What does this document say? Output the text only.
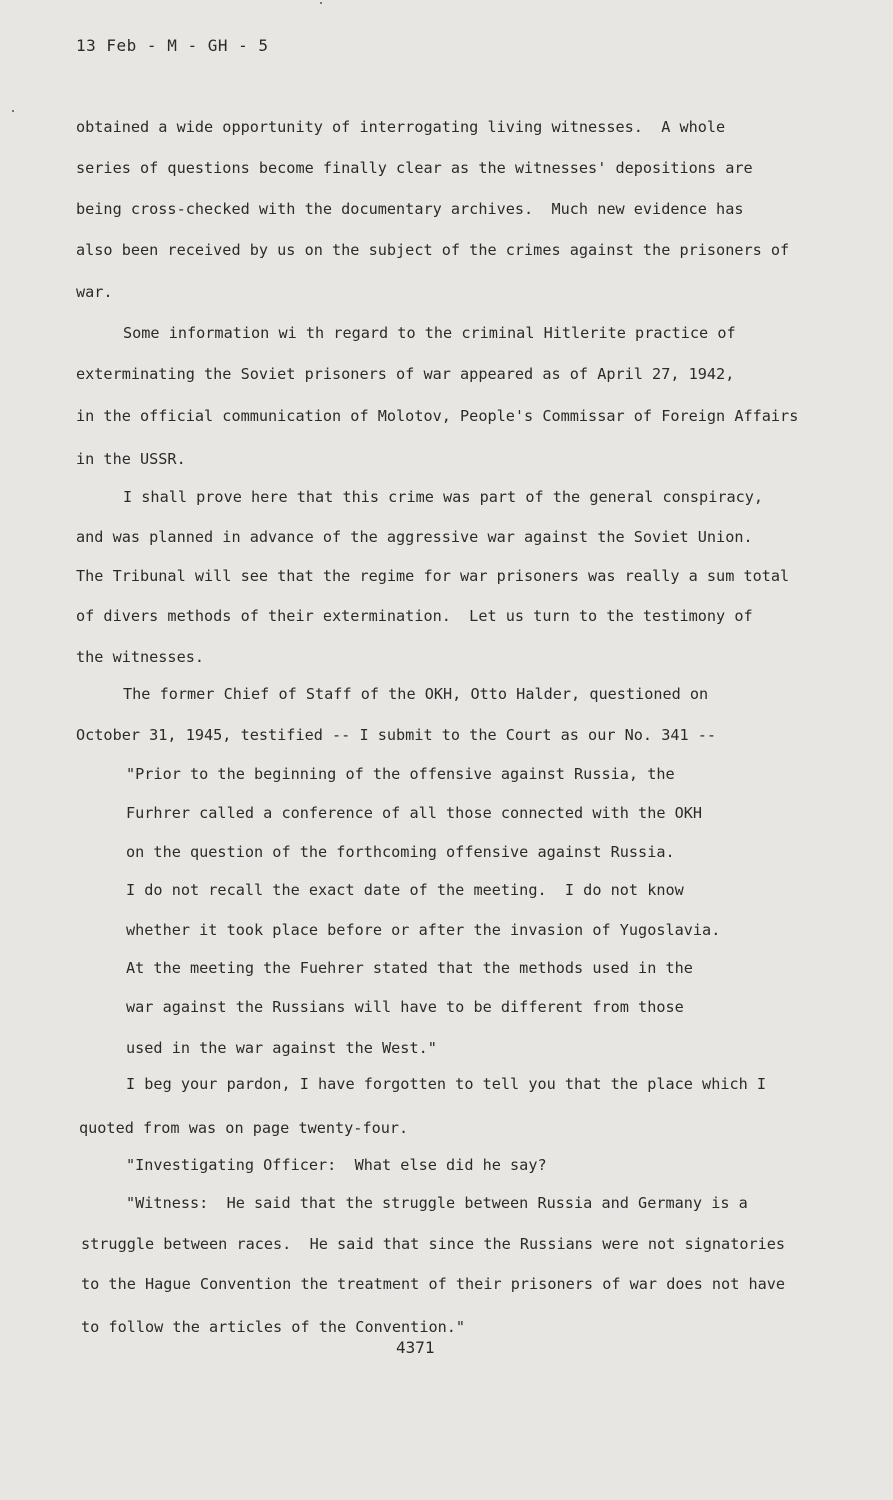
13 Feb - M - GH - 5
obtained a wide opportunity of interrogating living witnesses.  A whole
series of questions become finally clear as the witnesses' depositions are
being cross-checked with the documentary archives.  Much new evidence has
also been received by us on the subject of the crimes against the prisoners of
war.
Some information wi th regard to the criminal Hitlerite practice of
exterminating the Soviet prisoners of war appeared as of April 27, 1942,
in the official communication of Molotov, People's Commissar of Foreign Affairs
in the USSR.
I shall prove here that this crime was part of the general conspiracy,
and was planned in advance of the aggressive war against the Soviet Union.
The Tribunal will see that the regime for war prisoners was really a sum total
of divers methods of their extermination.  Let us turn to the testimony of
the witnesses.
The former Chief of Staff of the OKH, Otto Halder, questioned on
October 31, 1945, testified -- I submit to the Court as our No. 341 --
"Prior to the beginning of the offensive against Russia, the
Furhrer called a conference of all those connected with the OKH
on the question of the forthcoming offensive against Russia.
I do not recall the exact date of the meeting.  I do not know
whether it took place before or after the invasion of Yugoslavia.
At the meeting the Fuehrer stated that the methods used in the
war against the Russians will have to be different from those
used in the war against the West."
I beg your pardon, I have forgotten to tell you that the place which I
quoted from was on page twenty-four.
"Investigating Officer:  What else did he say?
"Witness:  He said that the struggle between Russia and Germany is a
struggle between races.  He said that since the Russians were not signatories
to the Hague Convention the treatment of their prisoners of war does not have
to follow the articles of the Convention."
4371
